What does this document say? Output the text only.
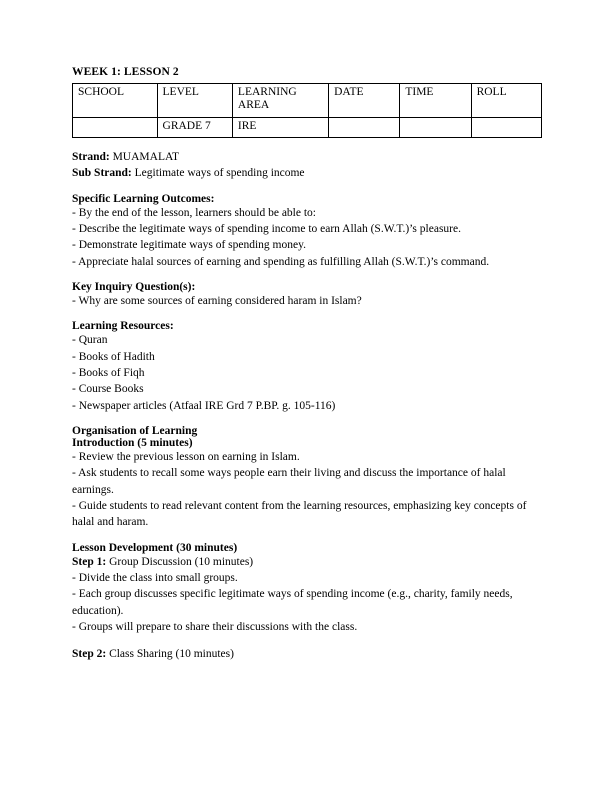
WEEK 1: LESSON 2
SCHOOL	LEVEL	LEARNING AREA	DATE	TIME	ROLL
	GRADE 7	IRE			
Strand: MUAMALAT
Sub Strand: Legitimate ways of spending income
Specific Learning Outcomes:

- By the end of the lesson, learners should be able to:

- Describe the legitimate ways of spending income to earn Allah (S.W.T.)’s pleasure.

- Demonstrate legitimate ways of spending money.

- Appreciate halal sources of earning and spending as fulfilling Allah (S.W.T.)’s command.

Key Inquiry Question(s):

- Why are some sources of earning considered haram in Islam?

Learning Resources:

- Quran

- Books of Hadith

- Books of Fiqh

- Course Books

- Newspaper articles (Atfaal IRE Grd 7 P.BP. g. 105-116)

Organisation of Learning
Introduction (5 minutes)

- Review the previous lesson on earning in Islam.

- Ask students to recall some ways people earn their living and discuss the importance of halal earnings.

- Guide students to read relevant content from the learning resources, emphasizing key concepts of halal and haram.

Lesson Development (30 minutes)
Step 1: Group Discussion (10 minutes)

- Divide the class into small groups.

- Each group discusses specific legitimate ways of spending income (e.g., charity, family needs, education).

- Groups will prepare to share their discussions with the class.

Step 2: Class Sharing (10 minutes)
